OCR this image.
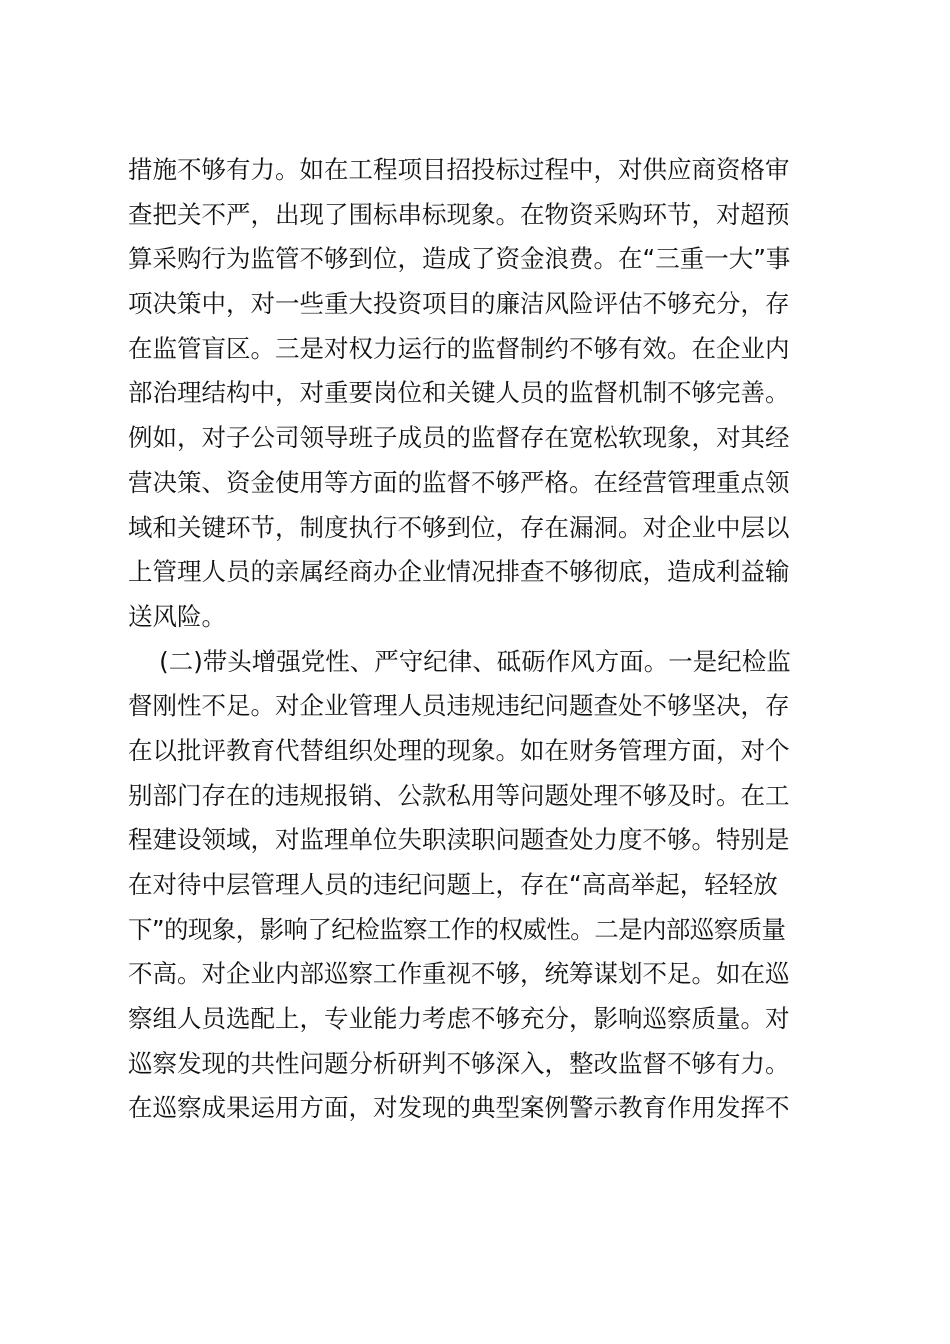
措施不够有力。如在工程项目招投标过程中，对供应商资格审
查把关不严，出现了围标串标现象。在物资采购环节，对超预
算采购行为监管不够到位，造成了资金浪费。在“三重一大”事
项决策中，对一些重大投资项目的廉洁风险评估不够充分，存
在监管盲区。三是对权力运行的监督制约不够有效。在企业内
部治理结构中，对重要岗位和关键人员的监督机制不够完善。
例如，对子公司领导班子成员的监督存在宽松软现象，对其经
营决策、资金使用等方面的监督不够严格。在经营管理重点领
域和关键环节，制度执行不够到位，存在漏洞。对企业中层以
上管理人员的亲属经商办企业情况排查不够彻底，造成利益输
送风险。
(二)带头增强党性、严守纪律、砥砺作风方面。一是纪检监
督刚性不足。对企业管理人员违规违纪问题查处不够坚决，存
在以批评教育代替组织处理的现象。如在财务管理方面，对个
别部门存在的违规报销、公款私用等问题处理不够及时。在工
程建设领域，对监理单位失职渎职问题查处力度不够。特别是
在对待中层管理人员的违纪问题上，存在“高高举起，轻轻放
下”的现象，影响了纪检监察工作的权威性。二是内部巡察质量
不高。对企业内部巡察工作重视不够，统筹谋划不足。如在巡
察组人员选配上，专业能力考虑不够充分，影响巡察质量。对
巡察发现的共性问题分析研判不够深入，整改监督不够有力。
在巡察成果运用方面，对发现的典型案例警示教育作用发挥不
